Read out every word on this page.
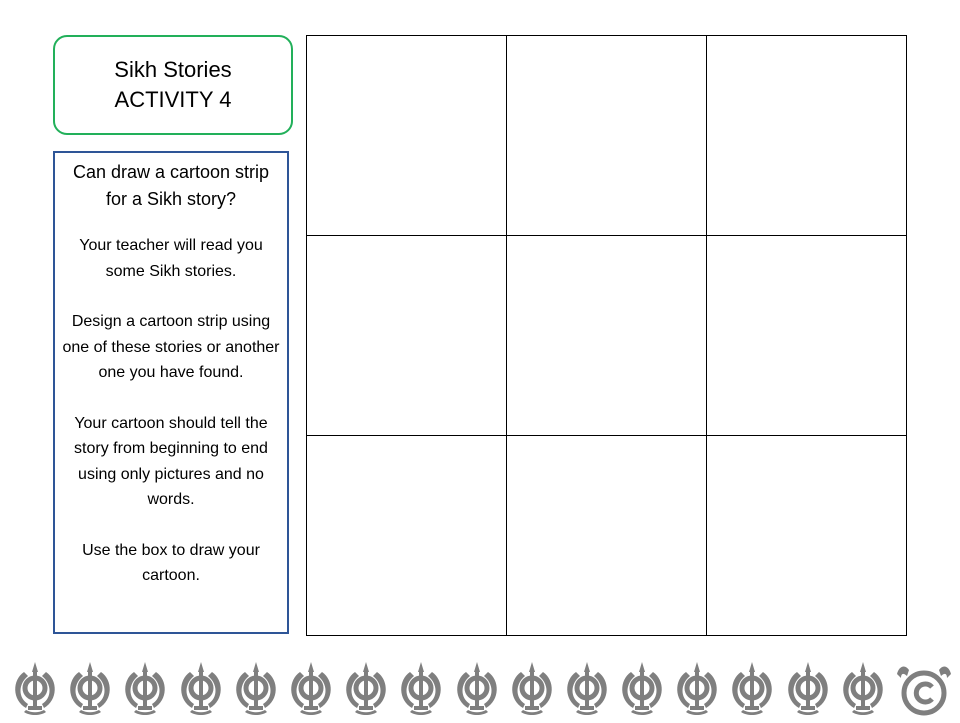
Sikh Stories
ACTIVITY 4

Can draw a cartoon strip for a Sikh story?

Your teacher will read you some Sikh stories.

Design a cartoon strip using one of these stories or another one you have found.

Your cartoon should tell the story from beginning to end using only pictures and no words.

Use the box to draw your cartoon.
